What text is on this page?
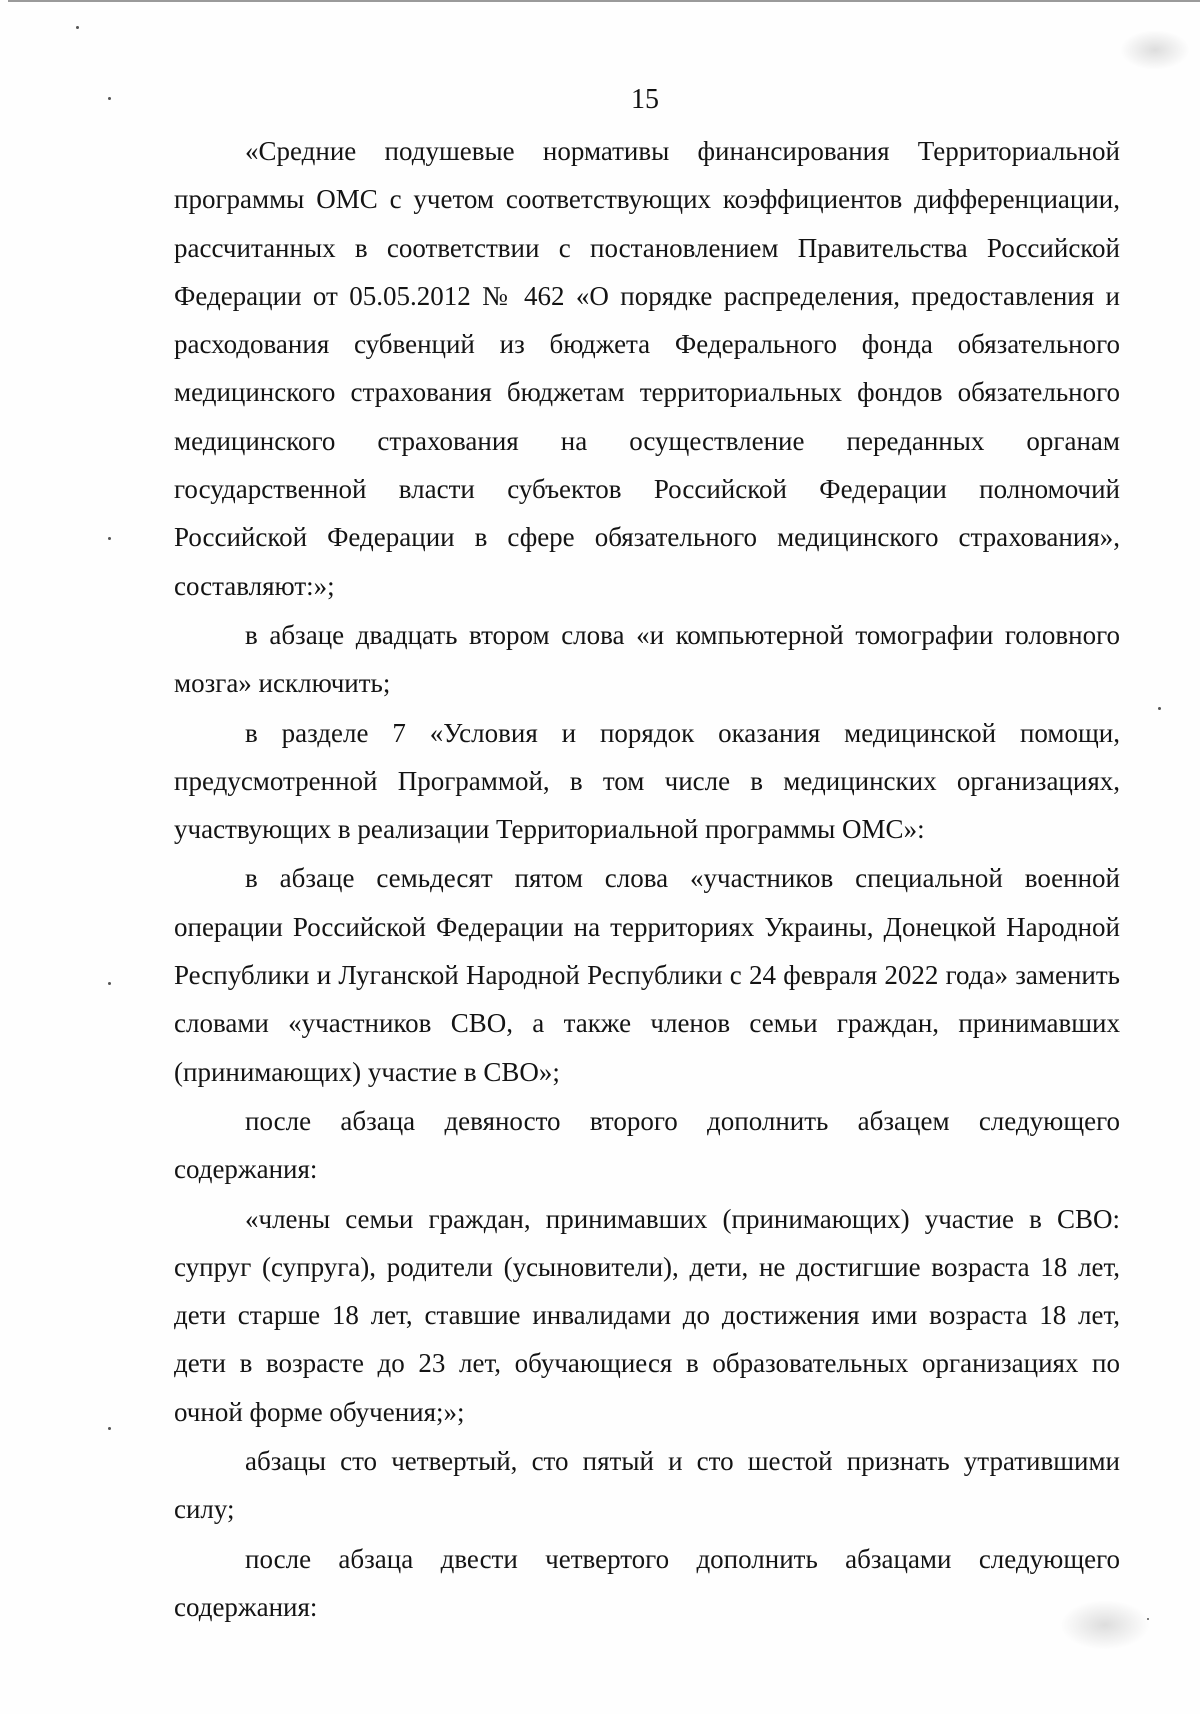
15

«Средние подушевые нормативы финансирования Территориальной программы ОМС с учетом соответствующих коэффициентов дифференциации, рассчитанных в соответствии с постановлением Правительства Российской Федерации от 05.05.2012 № 462 «О порядке распределения, предоставления и расходования субвенций из бюджета Федерального фонда обязательного медицинского страхования бюджетам территориальных фондов обязательного медицинского страхования на осуществление переданных органам государственной власти субъектов Российской Федерации полномочий Российской Федерации в сфере обязательного медицинского страхования», составляют:»;

в абзаце двадцать втором слова «и компьютерной томографии головного мозга» исключить;

в разделе 7 «Условия и порядок оказания медицинской помощи, предусмотренной Программой, в том числе в медицинских организациях, участвующих в реализации Территориальной программы ОМС»:

в абзаце семьдесят пятом слова «участников специальной военной операции Российской Федерации на территориях Украины, Донецкой Народной Республики и Луганской Народной Республики с 24 февраля 2022 года» заменить словами «участников СВО, а также членов семьи граждан, принимавших (принимающих) участие в СВО»;

после абзаца девяносто второго дополнить абзацем следующего содержания:

«члены семьи граждан, принимавших (принимающих) участие в СВО: супруг (супруга), родители (усыновители), дети, не достигшие возраста 18 лет, дети старше 18 лет, ставшие инвалидами до достижения ими возраста 18 лет, дети в возрасте до 23 лет, обучающиеся в образовательных организациях по очной форме обучения;»;

абзацы сто четвертый, сто пятый и сто шестой признать утратившими силу;

после абзаца двести четвертого дополнить абзацами следующего содержания:
